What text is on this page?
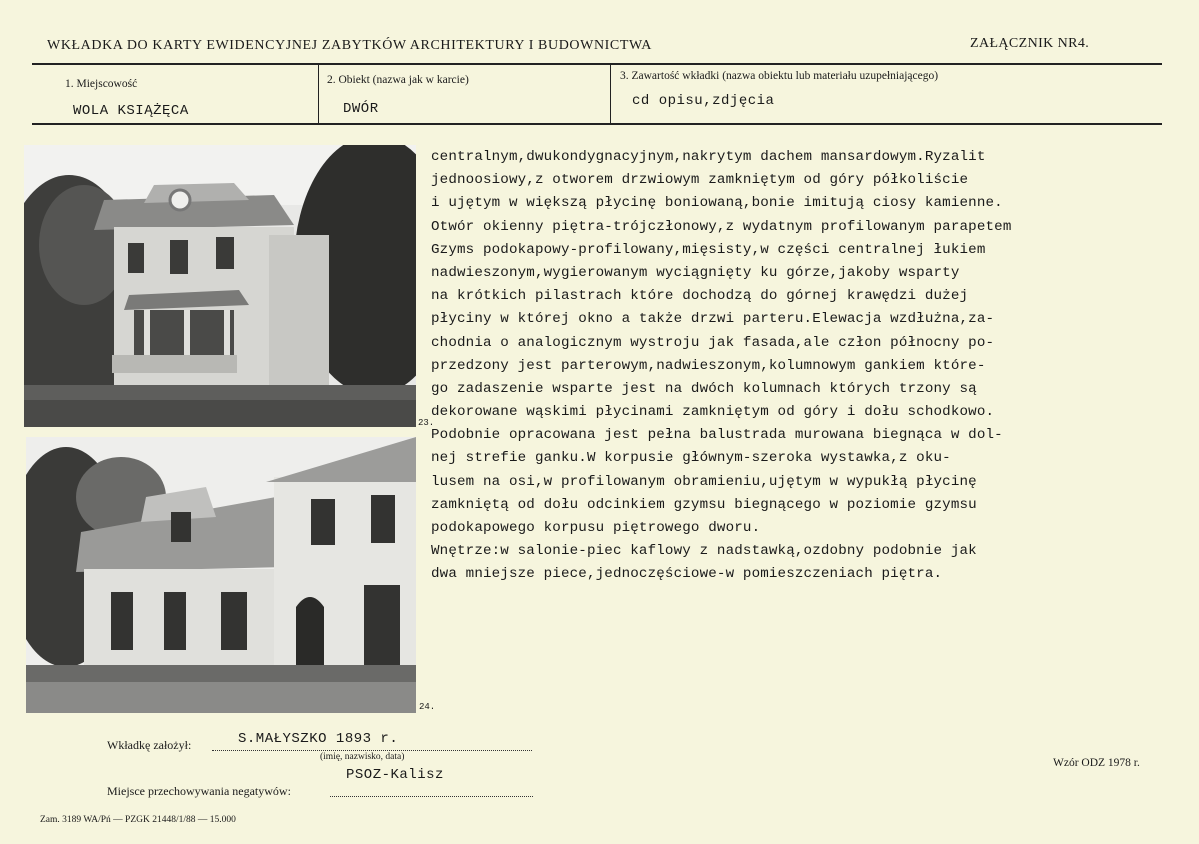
WKŁADKA DO KARTY EWIDENCYJNEJ ZABYTKÓW ARCHITEKTURY I BUDOWNICTWA	ZAŁĄCZNIK NR4.
1. Miejscowość
WOLA KSIĄŻĘCA
2. Obiekt (nazwa jak w karcie)
DWÓR
3. Zawartość wkładki (nazwa obiektu lub materiału uzupełniającego)
cd opisu,zdjęcia
23.
24.
centralnym,dwukondygnacyjnym,nakrytym dachem mansardowym.Ryzalit
jednoosiowy,z otworem drzwiowym zamkniętym od góry półkoliście
i ujętym w większą płycinę boniowaną,bonie imitują ciosy kamienne.
Otwór okienny piętra-trójczłonowy,z wydatnym profilowanym parapetem
Gzyms podokapowy-profilowany,mięsisty,w części centralnej łukiem
nadwieszonym,wygierowanym wyciągnięty ku górze,jakoby wsparty
na krótkich pilastrach które dochodzą do górnej krawędzi dużej
płyciny w której okno a także drzwi parteru.Elewacja wzdłużna,za-
chodnia o analogicznym wystroju jak fasada,ale człon północny po-
przedzony jest parterowym,nadwieszonym,kolumnowym gankiem które-
go zadaszenie wsparte jest na dwóch kolumnach których trzony są
dekorowane wąskimi płycinami zamkniętym od góry i dołu schodkowo.
Podobnie opracowana jest pełna balustrada murowana biegnąca w dol-
nej strefie ganku.W korpusie głównym-szeroka wystawka,z oku-
lusem na osi,w profilowanym obramieniu,ujętym w wypukłą płycinę
zamkniętą od dołu odcinkiem gzymsu biegnącego w poziomie gzymsu
podokapowego korpusu piętrowego dworu.
Wnętrze:w salonie-piec kaflowy z nadstawką,ozdobny podobnie jak
dwa mniejsze piece,jednoczęściowe-w pomieszczeniach piętra.
Wkładkę założył:	S.MAŁYSZKO 1893 r.
(imię, nazwisko, data)
PSOZ-Kalisz
Miejsce przechowywania negatywów:
Wzór ODZ 1978 r.
Zam. 3189 WA/Pń — PZGK 21448/1/88 — 15.000
